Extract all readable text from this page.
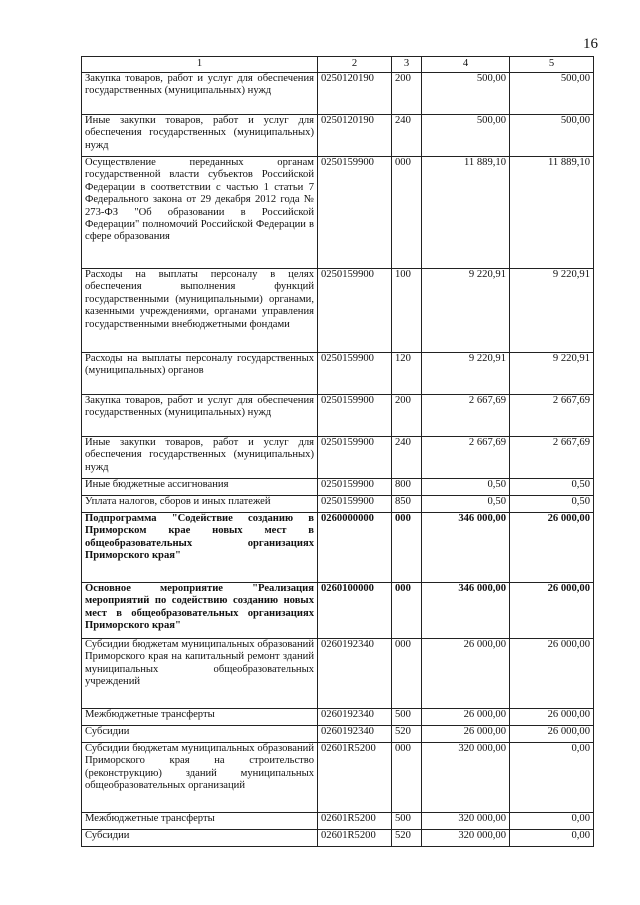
16
1	2	3	4	5
Закупка товаров, работ и услуг для обеспечения государственных (муниципальных) нужд	0250120190	200	500,00	500,00
Иные закупки товаров, работ и услуг для обеспечения государственных (муниципальных) нужд	0250120190	240	500,00	500,00
Осуществление переданных органам государственной власти субъектов Российской Федерации в соответствии с частью 1 статьи 7 Федерального закона от 29 декабря 2012 года № 273-ФЗ "Об образовании в Российской Федерации" полномочий Российской Федерации в сфере образования	0250159900	000	11 889,10	11 889,10
Расходы на выплаты персоналу в целях обеспечения выполнения функций государственными (муниципальными) органами, казенными учреждениями, органами управления государственными внебюджетными фондами	0250159900	100	9 220,91	9 220,91
Расходы на выплаты персоналу государственных (муниципальных) органов	0250159900	120	9 220,91	9 220,91
Закупка товаров, работ и услуг для обеспечения государственных (муниципальных) нужд	0250159900	200	2 667,69	2 667,69
Иные закупки товаров, работ и услуг для обеспечения государственных (муниципальных) нужд	0250159900	240	2 667,69	2 667,69
Иные бюджетные ассигнования	0250159900	800	0,50	0,50
Уплата налогов, сборов и иных платежей	0250159900	850	0,50	0,50
Подпрограмма "Содействие созданию в Приморском крае новых мест в общеобразовательных организациях Приморского края"	0260000000	000	346 000,00	26 000,00
Основное мероприятие "Реализация мероприятий по содействию созданию новых мест в общеобразовательных организациях Приморского края"	0260100000	000	346 000,00	26 000,00
Субсидии бюджетам муниципальных образований Приморского края на капитальный ремонт зданий муниципальных общеобразовательных учреждений	0260192340	000	26 000,00	26 000,00
Межбюджетные трансферты	0260192340	500	26 000,00	26 000,00
Субсидии	0260192340	520	26 000,00	26 000,00
Субсидии бюджетам муниципальных образований Приморского края на строительство (реконструкцию) зданий муниципальных общеобразовательных организаций	02601R5200	000	320 000,00	0,00
Межбюджетные трансферты	02601R5200	500	320 000,00	0,00
Субсидии	02601R5200	520	320 000,00	0,00
